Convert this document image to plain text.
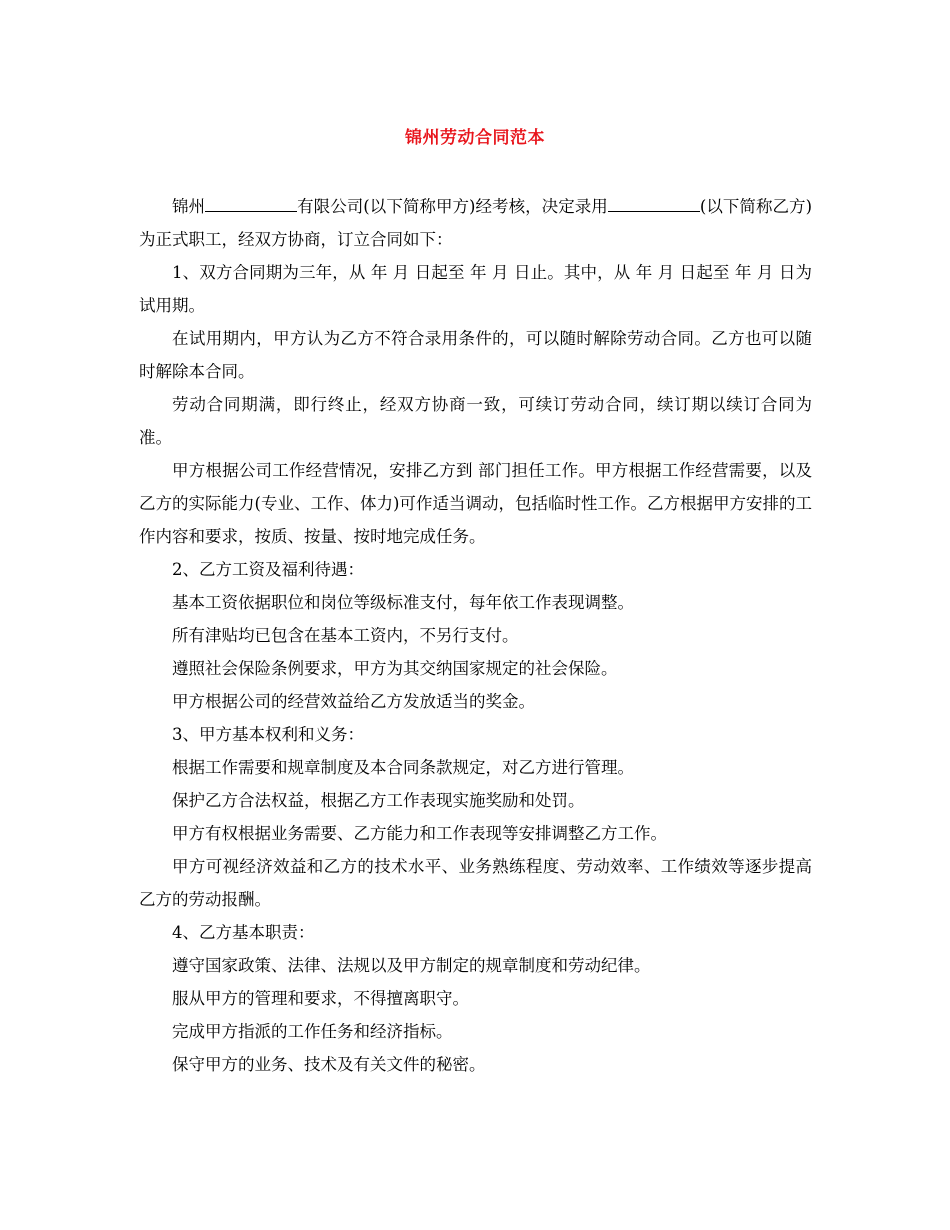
锦州劳动合同范本

锦州	有限公司(以下简称甲方)经考核，决定录用	(以下简称乙方)为正式职工，经双方协商，订立合同如下：

1、双方合同期为三年，从 年 月 日起至 年 月 日止。其中，从 年 月 日起至 年 月 日为试用期。

在试用期内，甲方认为乙方不符合录用条件的，可以随时解除劳动合同。乙方也可以随时解除本合同。

劳动合同期满，即行终止，经双方协商一致，可续订劳动合同，续订期以续订合同为准。

甲方根据公司工作经营情况，安排乙方到 部门担任工作。甲方根据工作经营需要，以及乙方的实际能力(专业、工作、体力)可作适当调动，包括临时性工作。乙方根据甲方安排的工作内容和要求，按质、按量、按时地完成任务。

2、乙方工资及福利待遇：

基本工资依据职位和岗位等级标准支付，每年依工作表现调整。

所有津贴均已包含在基本工资内，不另行支付。

遵照社会保险条例要求，甲方为其交纳国家规定的社会保险。

甲方根据公司的经营效益给乙方发放适当的奖金。

3、甲方基本权利和义务：

根据工作需要和规章制度及本合同条款规定，对乙方进行管理。

保护乙方合法权益，根据乙方工作表现实施奖励和处罚。

甲方有权根据业务需要、乙方能力和工作表现等安排调整乙方工作。

甲方可视经济效益和乙方的技术水平、业务熟练程度、劳动效率、工作绩效等逐步提高乙方的劳动报酬。

4、乙方基本职责：

遵守国家政策、法律、法规以及甲方制定的规章制度和劳动纪律。

服从甲方的管理和要求，不得擅离职守。

完成甲方指派的工作任务和经济指标。

保守甲方的业务、技术及有关文件的秘密。
